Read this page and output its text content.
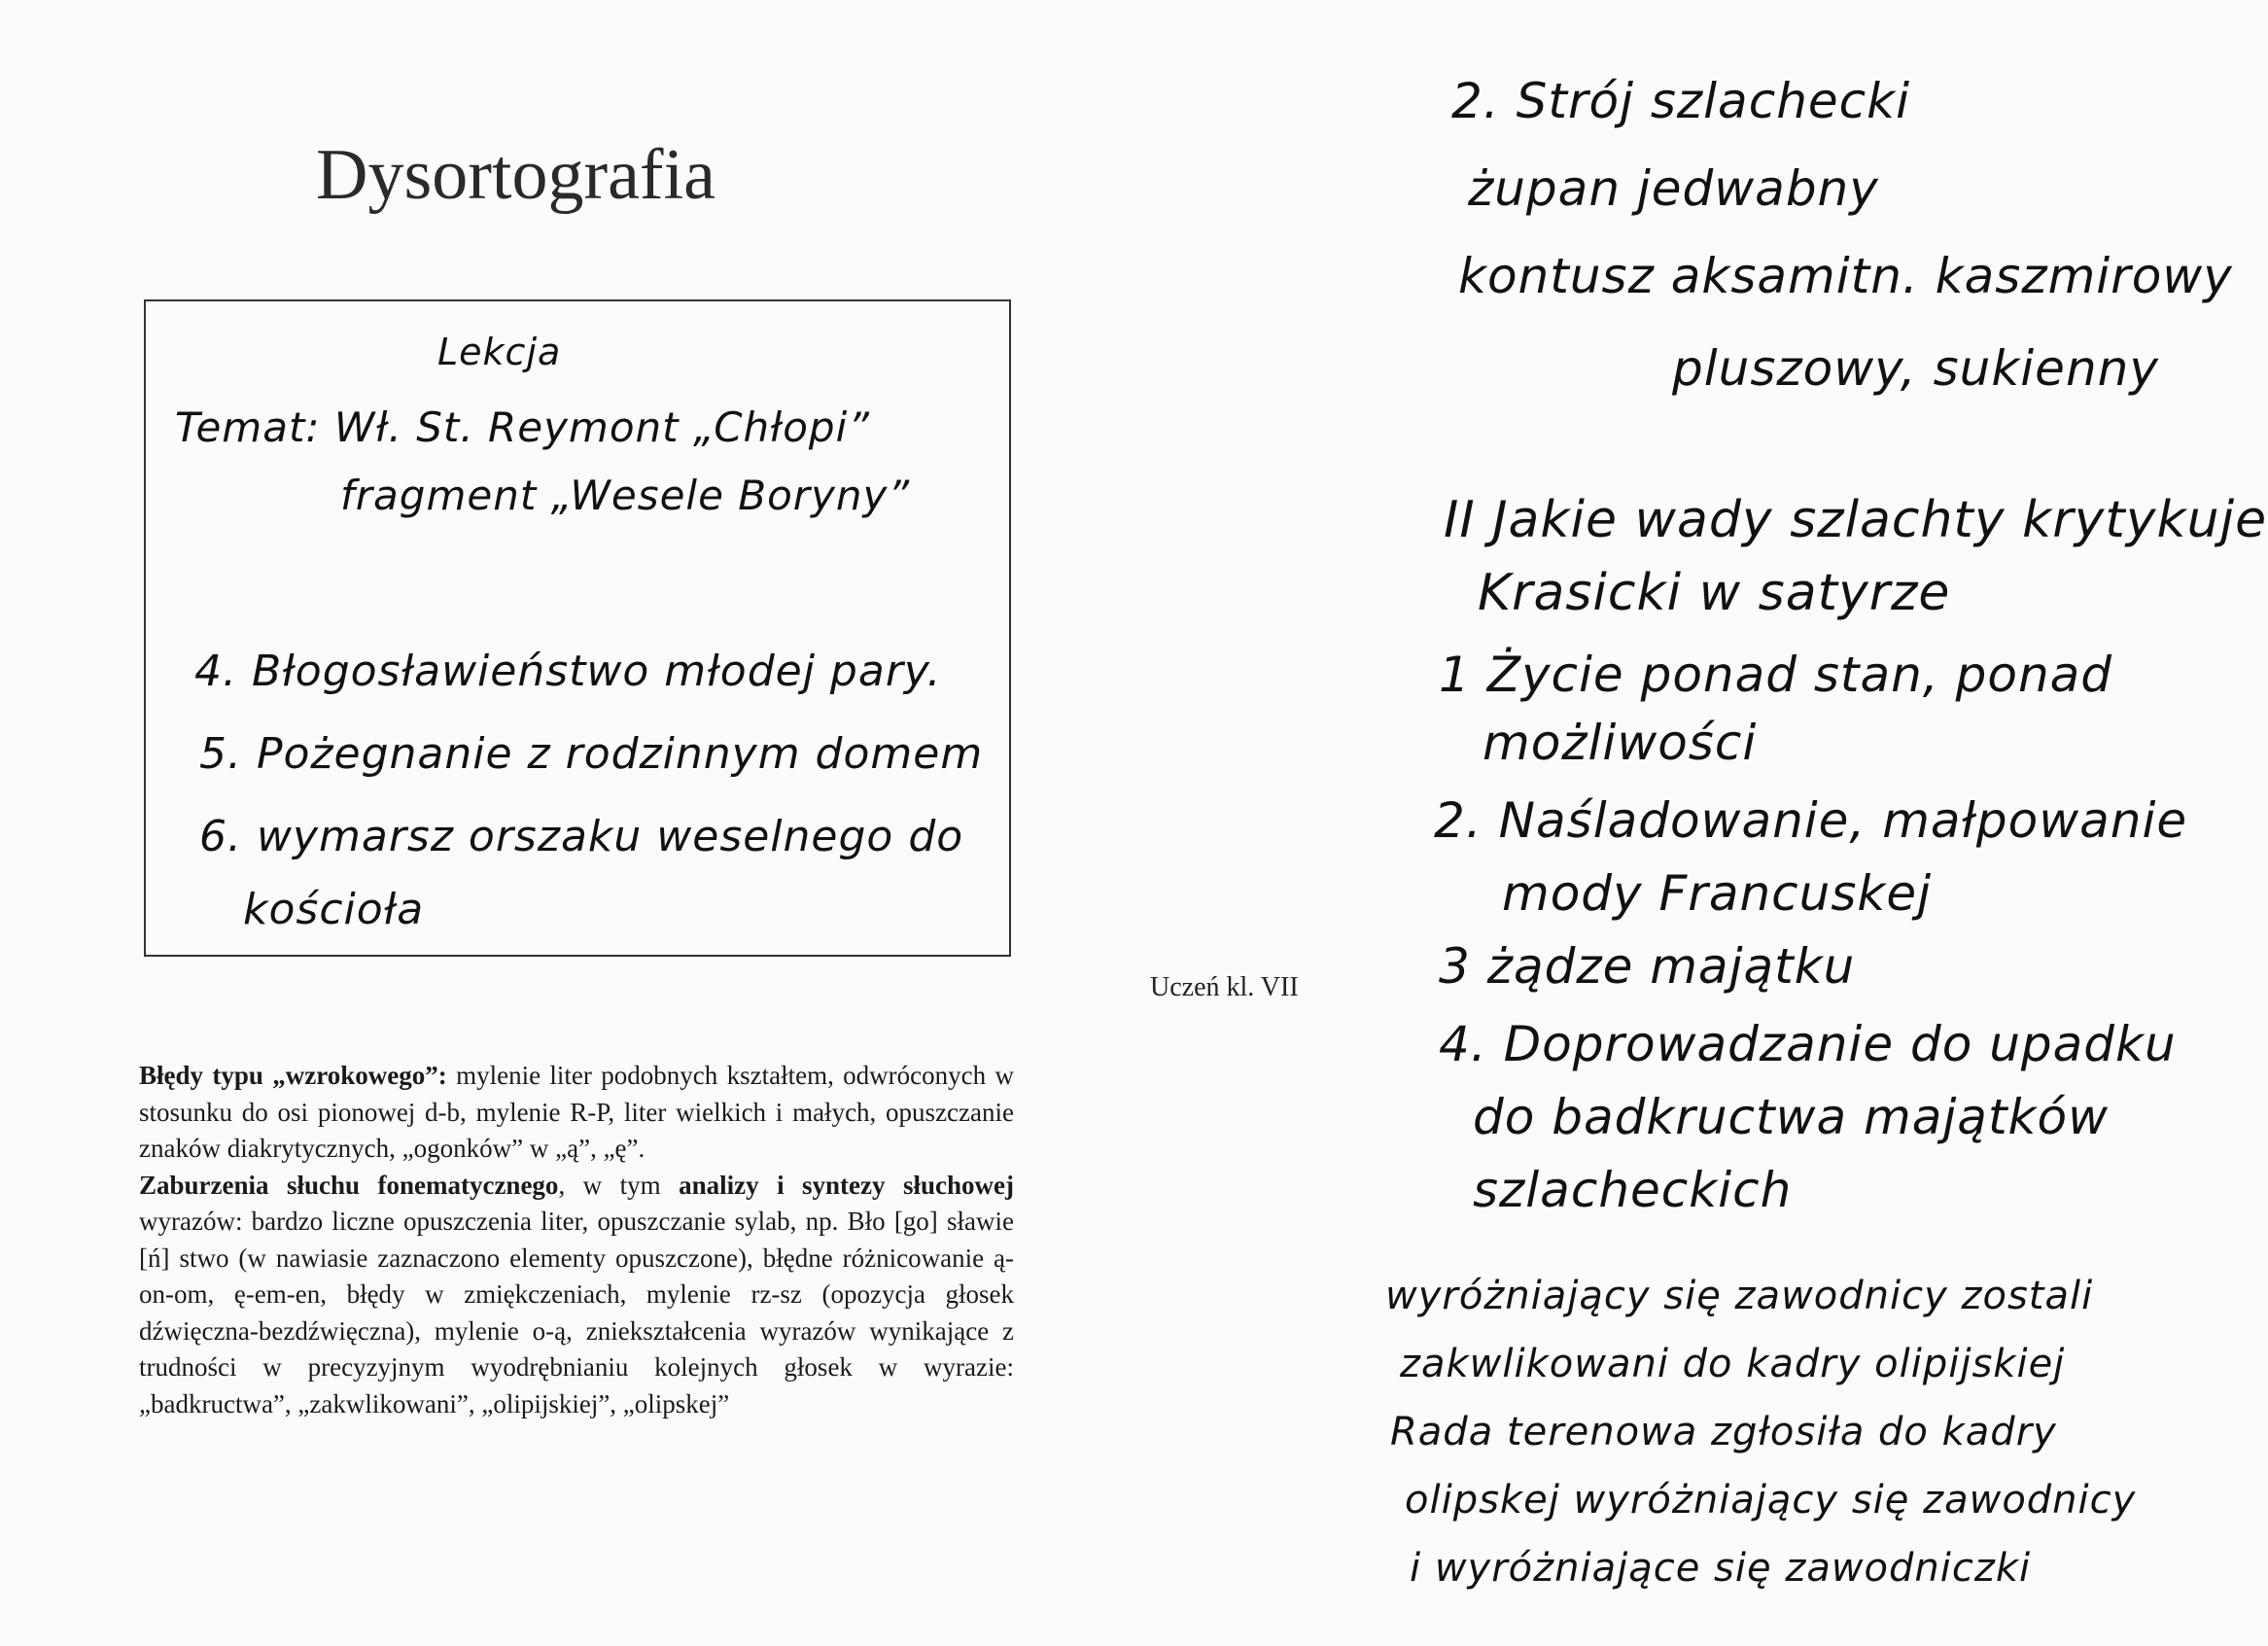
Dysortografia
Lekcja
Temat: Wł. St. Reymont „Chłopi”
fragment „Wesele Boryny”
4. Błogosławieństwo młodej pary.
5. Pożegnanie z rodzinnym domem
6. wymarsz orszaku weselnego do
kościoła
Błędy typu „wzrokowego”: mylenie liter podobnych kształtem, odwróconych w stosunku do osi pionowej d-b, mylenie R-P, liter wielkich i małych, opuszczanie znaków diakrytycznych, „ogonków” w „ą”, „ę”.
Zaburzenia słuchu fonematycznego, w tym analizy i syntezy słuchowej wyrazów: bardzo liczne opuszczenia liter, opuszczanie sylab, np. Bło [go] sławie [ń] stwo (w nawiasie zaznaczono elementy opuszczone), błędne różnicowanie ą-on-om, ę-em-en, błędy w zmiękczeniach, mylenie rz-sz (opozycja głosek dźwięczna-bezdźwięczna), mylenie o-ą, zniekształcenia wyrazów wynikające z trudności w precyzyjnym wyodrębnianiu kolejnych głosek w wyrazie: „badkructwa”, „zakwlikowani”, „olipijskiej”, „olipskej”
Uczeń kl. VII
2. Strój szlachecki
żupan jedwabny
kontusz aksamitn. kaszmirowy
pluszowy, sukienny
II Jakie wady szlachty krytykuje
Krasicki w satyrze
1 Życie ponad stan, ponad
możliwości
2. Naśladowanie, małpowanie
mody Francuskej
3 żądze majątku
4. Doprowadzanie do upadku
do badkructwa majątków
szlacheckich
wyróżniający się zawodnicy zostali
zakwlikowani do kadry olipijskiej
Rada terenowa zgłosiła do kadry
olipskej wyróżniający się zawodnicy
i wyróżniające się zawodniczki
